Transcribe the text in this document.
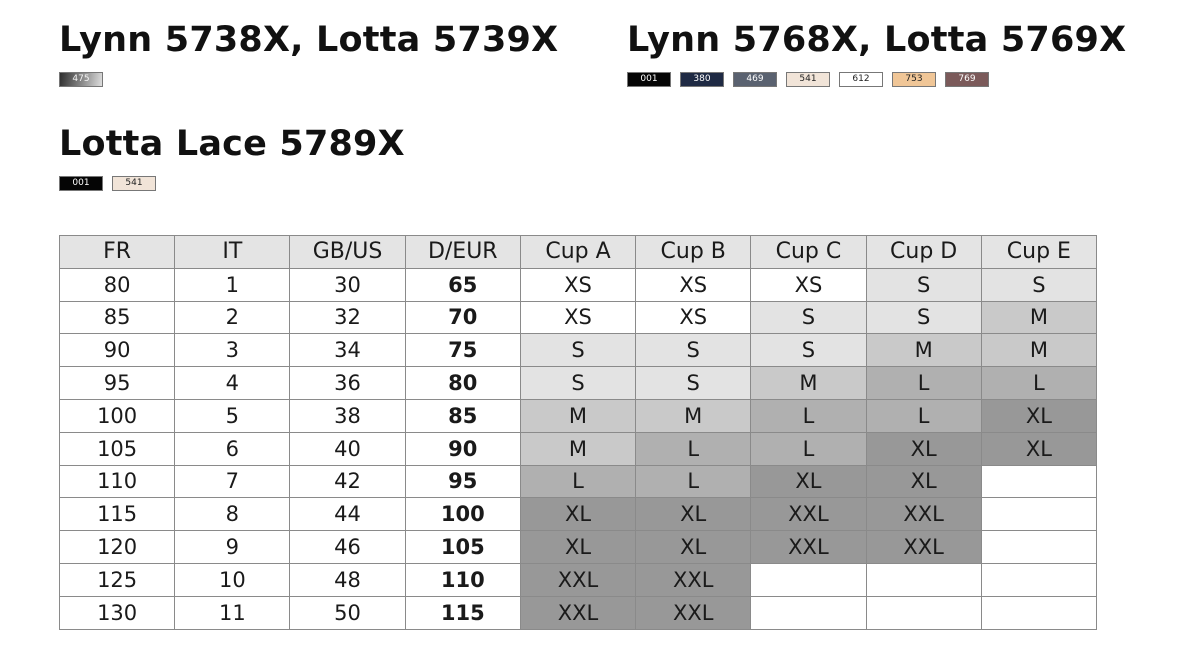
Lynn 5738X, Lotta 5739X
475
Lynn 5768X, Lotta 5769X
001	380	469	541	612	753	769
Lotta Lace 5789X
001	541
FR	IT	GB/US	D/EUR	Cup A	Cup B	Cup C	Cup D	Cup E
80	1	30	65	XS	XS	XS	S	S
85	2	32	70	XS	XS	S	S	M
90	3	34	75	S	S	S	M	M
95	4	36	80	S	S	M	L	L
100	5	38	85	M	M	L	L	XL
105	6	40	90	M	L	L	XL	XL
110	7	42	95	L	L	XL	XL	
115	8	44	100	XL	XL	XXL	XXL	
120	9	46	105	XL	XL	XXL	XXL	
125	10	48	110	XXL	XXL			
130	11	50	115	XXL	XXL			
